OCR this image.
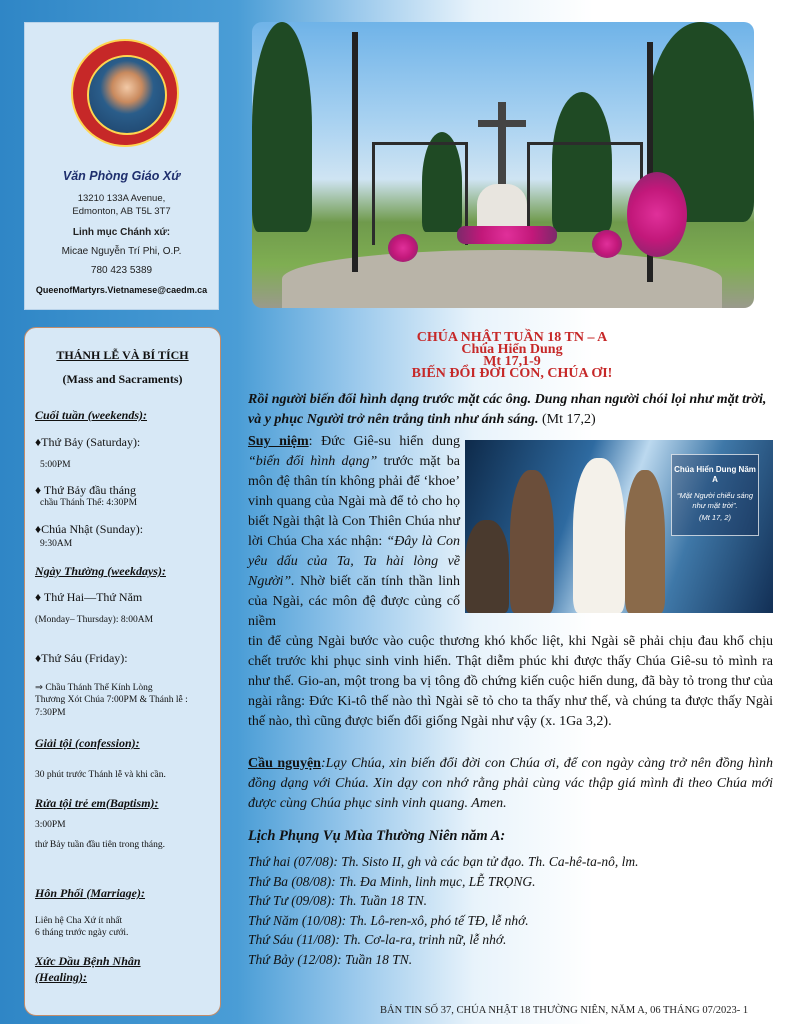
Văn Phòng Giáo Xứ
13210 133A Avenue,
Edmonton, AB T5L 3T7
Linh mục Chánh xứ:
Micae Nguyễn Trí Phi, O.P.
780 423 5389
QueenofMartyrs.Vietnamese@caedm.ca
THÁNH LỄ VÀ BÍ TÍCH
(Mass and Sacraments)
Cuối tuần (weekends):
♦Thứ Bảy (Saturday):
5:00PM
♦ Thứ Bảy đầu tháng
chầu Thánh Thể: 4:30PM
♦Chúa Nhật (Sunday):
9:30AM
Ngày Thường (weekdays):
♦ Thứ Hai—Thứ Năm
(Monday– Thursday): 8:00AM
♦Thứ Sáu (Friday):
⇒ Chầu Thánh Thể Kính Lòng
Thương Xót Chúa 7:00PM & Thánh lễ :
7:30PM
Giải tội (confession):
30 phút trước Thánh lễ và khi cần.
Rửa tội trẻ em(Baptism):
3:00PM
thứ Bảy tuần đầu tiên trong tháng.
Hôn Phối (Marriage):
Liên hệ Cha Xứ ít nhất
6 tháng trước ngày cưới.
Xức Dầu Bệnh Nhân
(Healing):
CHÚA NHẬT TUẦN 18 TN – A
Chúa Hiển Dung
Mt 17,1-9
BIẾN ĐỔI ĐỜI CON, CHÚA ƠI!
Rồi người biến đổi hình dạng trước mặt các ông. Dung nhan người chói lọi như mặt trời, và y phục Người trở nên trắng tinh như ánh sáng. (Mt 17,2)
Suy niệm: Đức Giê-su hiển dung “biến đổi hình dạng” trước mặt ba môn đệ thân tín không phải để ‘khoe’ vinh quang của Ngài mà để tỏ cho họ biết Ngài thật là Con Thiên Chúa như lời Chúa Cha xác nhận: “Đây là Con yêu dấu của Ta, Ta hài lòng về Người”. Nhờ biết căn tính thần linh của Ngài, các môn đệ được củng cố niềm
Chúa Hiển Dung Năm A
“Mặt Người chiếu sáng như mặt trời”.
(Mt 17, 2)
tin để củng Ngài bước vào cuộc thương khó khốc liệt, khi Ngài sẽ phải chịu đau khổ chịu chết trước khi phục sinh vinh hiển. Thật diễm phúc khi được thấy Chúa Giê-su tỏ mình ra như thế. Gio-an, một trong ba vị tông đồ chứng kiến cuộc hiển dung, đã bày tỏ trong thư của ngài rằng: Đức Ki-tô thế nào thì Ngài sẽ tỏ cho ta thấy như thế, và chúng ta được thấy Ngài thế nào, thì cũng được biến đổi giống Ngài như vậy (x. 1Ga 3,2).
Cầu nguyện:Lạy Chúa, xin biến đổi đời con Chúa ơi, để con ngày càng trở nên đồng hình đồng dạng với Chúa. Xin dạy con nhớ rằng phải cùng vác thập giá mình đi theo Chúa mới được cùng Chúa phục sinh vinh quang. Amen.
Lịch Phụng Vụ Mùa Thường Niên năm A:
Thứ hai (07/08): Th. Sisto II, gh và các bạn tử đạo. Th. Ca-hê-ta-nô, lm.
Thứ Ba (08/08): Th. Đa Minh, linh mục, LỄ TRỌNG.
Thứ Tư (09/08): Th. Tuần 18 TN.
Thứ Năm (10/08): Th. Lô-ren-xô, phó tế TĐ, lễ nhớ.
Thứ Sáu (11/08): Th. Cơ-la-ra, trinh nữ, lễ nhớ.
Thứ Bảy (12/08): Tuần 18 TN.
BẢN TIN SỐ 37, CHÚA NHẬT 18 THƯỜNG NIÊN, NĂM A, 06 THÁNG 07/2023- 1
